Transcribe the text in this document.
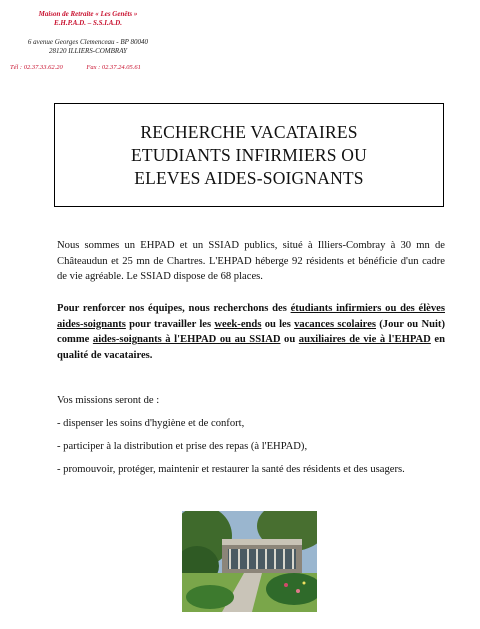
Maison de Retraite « Les Genêts »
E.H.P.A.D. – S.S.I.A.D.
6 avenue Georges Clemenceau - BP 80040
28120 ILLIERS-COMBRAY
Tél : 02.37.33.62.20	Fax : 02.37.24.05.61
RECHERCHE VACATAIRES
ETUDIANTS INFIRMIERS OU
ELEVES AIDES-SOIGNANTS
Nous sommes un EHPAD et un SSIAD publics, situé à Illiers-Combray à 30 mn de Châteaudun et 25 mn de Chartres. L'EHPAD héberge 92 résidents et bénéficie d'un cadre de vie agréable. Le SSIAD dispose de 68 places.
Pour renforcer nos équipes, nous recherchons des étudiants infirmiers ou des élèves aides-soignants pour travailler les week-ends ou les vacances scolaires (Jour ou Nuit) comme aides-soignants à l'EHPAD ou au SSIAD ou auxiliaires de vie à l'EHPAD en qualité de vacataires.
Vos missions seront de :
- dispenser les soins d'hygiène et de confort,
- participer à la distribution et prise des repas (à l'EHPAD),
- promouvoir, protéger, maintenir et restaurer la santé des résidents et des usagers.
